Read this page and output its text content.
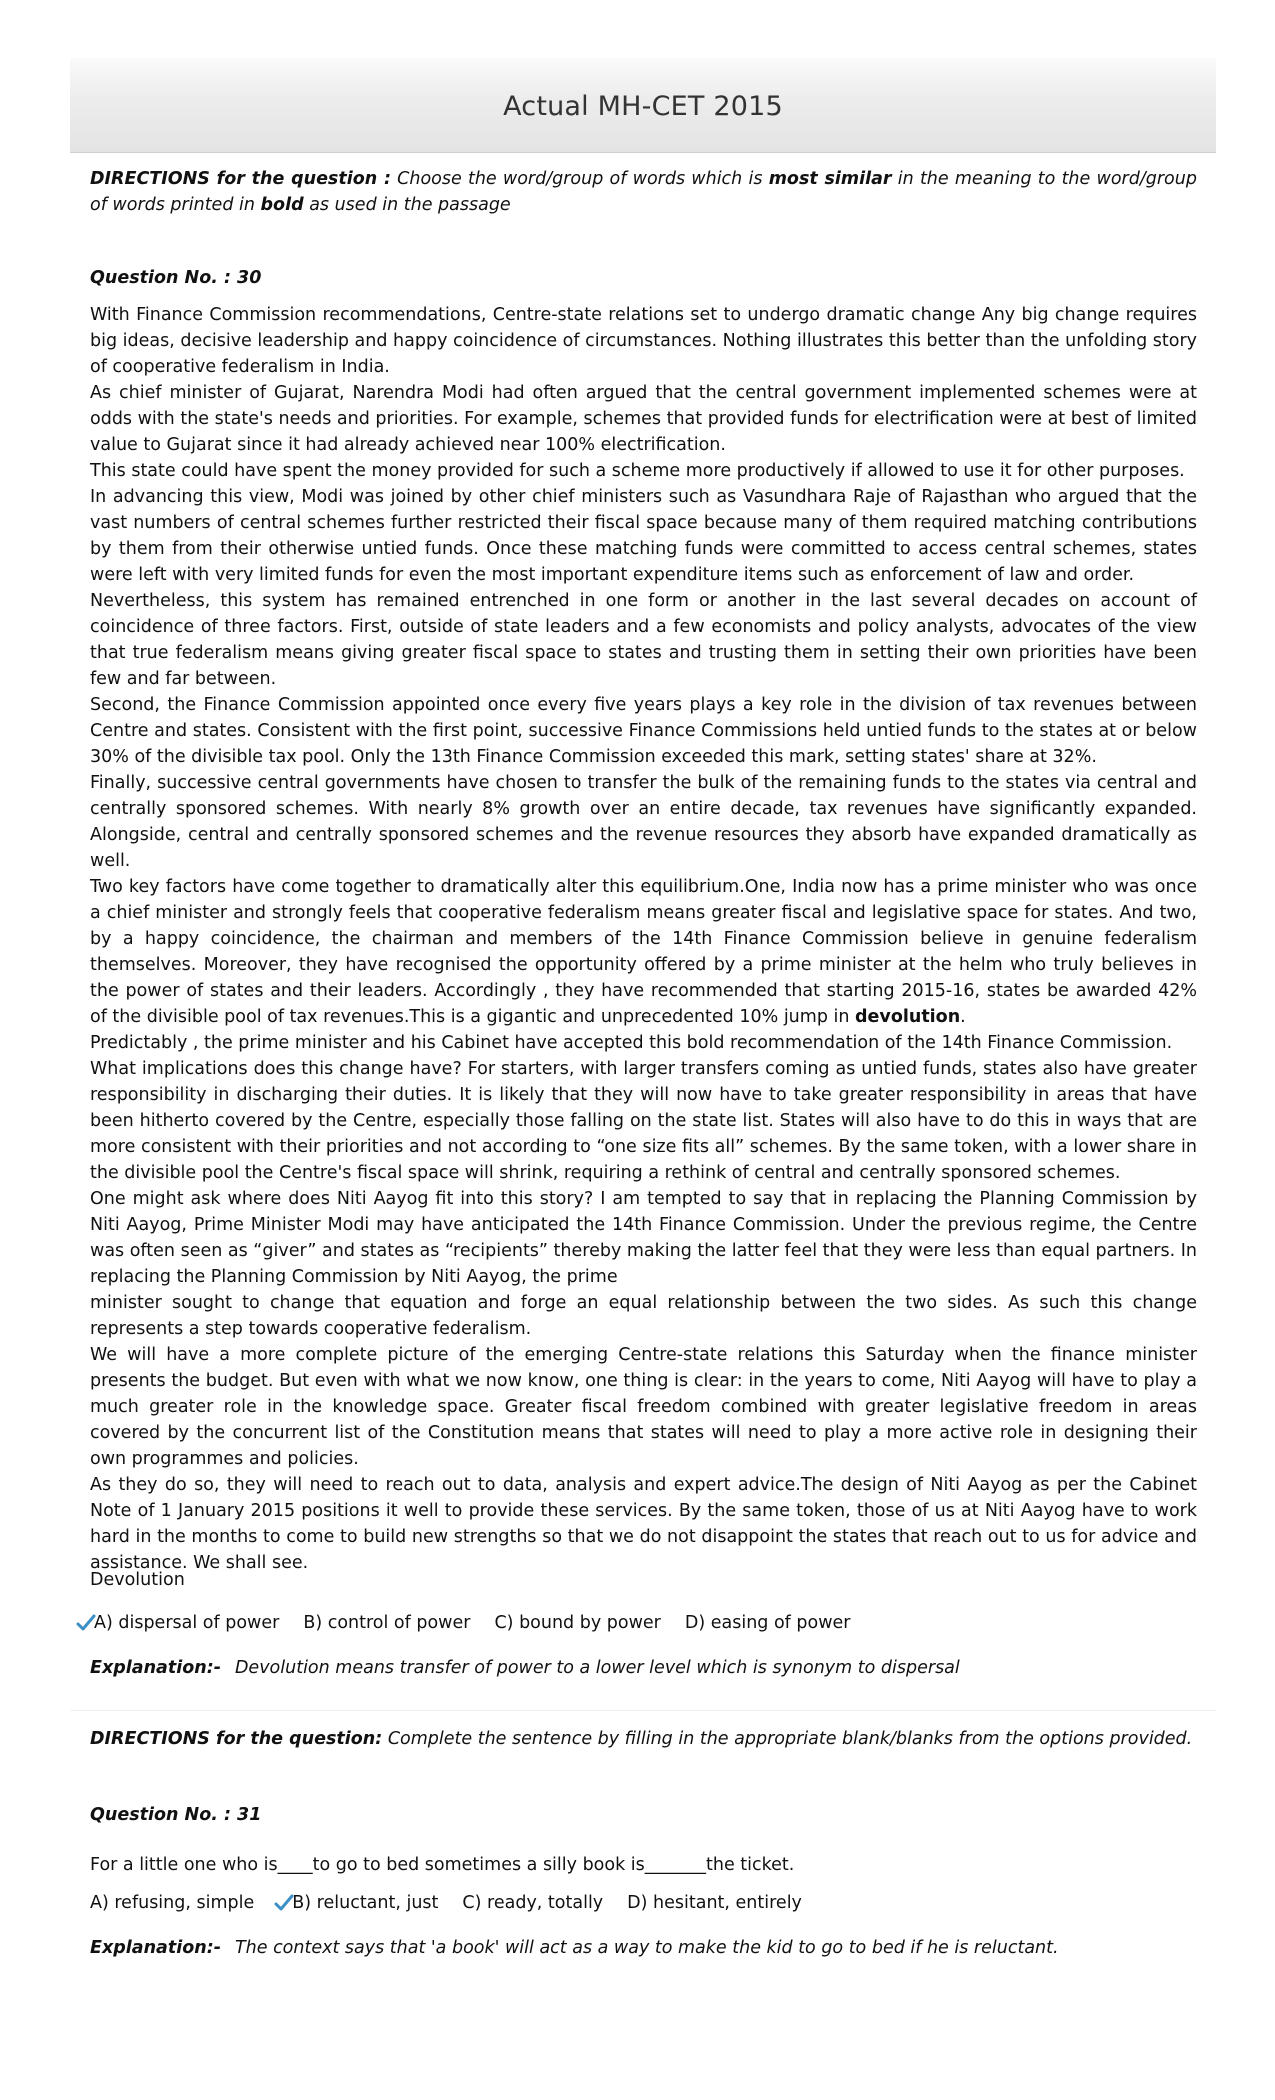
Actual MH-CET 2015
DIRECTIONS for the question : Choose the word/group of words which is most similar in the meaning to the word/group of words printed in bold as used in the passage
Question No. : 30

With Finance Commission recommendations, Centre-state relations set to undergo dramatic change Any big change requires big ideas, decisive leadership and happy coincidence of circumstances. Nothing illustrates this better than the unfolding story of cooperative federalism in India.

As chief minister of Gujarat, Narendra Modi had often argued that the central government implemented schemes were at odds with the state's needs and priorities. For example, schemes that provided funds for electrification were at best of limited value to Gujarat since it had already achieved near 100% electrification.

This state could have spent the money provided for such a scheme more productively if allowed to use it for other purposes.

In advancing this view, Modi was joined by other chief ministers such as Vasundhara Raje of Rajasthan who argued that the vast numbers of central schemes further restricted their fiscal space because many of them required matching contributions by them from their otherwise untied funds. Once these matching funds were committed to access central schemes, states were left with very limited funds for even the most important expenditure items such as enforcement of law and order.

Nevertheless, this system has remained entrenched in one form or another in the last several decades on account of coincidence of three factors. First, outside of state leaders and a few economists and policy analysts, advocates of the view that true federalism means giving greater fiscal space to states and trusting them in setting their own priorities have been few and far between.

Second, the Finance Commission appointed once every five years plays a key role in the division of tax revenues between Centre and states. Consistent with the first point, successive Finance Commissions held untied funds to the states at or below 30% of the divisible tax pool. Only the 13th Finance Commission exceeded this mark, setting states' share at 32%.

Finally, successive central governments have chosen to transfer the bulk of the remaining funds to the states via central and centrally sponsored schemes. With nearly 8% growth over an entire decade, tax revenues have significantly expanded. Alongside, central and centrally sponsored schemes and the revenue resources they absorb have expanded dramatically as well.

Two key factors have come together to dramatically alter this equilibrium.One, India now has a prime minister who was once a chief minister and strongly feels that cooperative federalism means greater fiscal and legislative space for states. And two, by a happy coincidence, the chairman and members of the 14th Finance Commission believe in genuine federalism themselves. Moreover, they have recognised the opportunity offered by a prime minister at the helm who truly believes in the power of states and their leaders. Accordingly , they have recommended that starting 2015-16, states be awarded 42% of the divisible pool of tax revenues.This is a gigantic and unprecedented 10% jump in devolution.

Predictably , the prime minister and his Cabinet have accepted this bold recommendation of the 14th Finance Commission.

What implications does this change have? For starters, with larger transfers coming as untied funds, states also have greater responsibility in discharging their duties. It is likely that they will now have to take greater responsibility in areas that have been hitherto covered by the Centre, especially those falling on the state list. States will also have to do this in ways that are more consistent with their priorities and not according to “one size fits all” schemes. By the same token, with a lower share in the divisible pool the Centre's fiscal space will shrink, requiring a rethink of central and centrally sponsored schemes.

One might ask where does Niti Aayog fit into this story? I am tempted to say that in replacing the Planning Commission by Niti Aayog, Prime Minister Modi may have anticipated the 14th Finance Commission. Under the previous regime, the Centre was often seen as “giver” and states as “recipients” thereby making the latter feel that they were less than equal partners. In replacing the Planning Commission by Niti Aayog, the prime

minister sought to change that equation and forge an equal relationship between the two sides. As such this change represents a step towards cooperative federalism.

We will have a more complete picture of the emerging Centre-state relations this Saturday when the finance minister presents the budget. But even with what we now know, one thing is clear: in the years to come, Niti Aayog will have to play a much greater role in the knowledge space. Greater fiscal freedom combined with greater legislative freedom in areas covered by the concurrent list of the Constitution means that states will need to play a more active role in designing their own programmes and policies.

As they do so, they will need to reach out to data, analysis and expert advice.The design of Niti Aayog as per the Cabinet Note of 1 January 2015 positions it well to provide these services. By the same token, those of us at Niti Aayog have to work hard in the months to come to build new strengths so that we do not disappoint the states that reach out to us for advice and assistance. We shall see.

Devolution
A) dispersal of power B) control of power C) bound by power D) easing of power
Explanation:- Devolution means transfer of power to a lower level which is synonym to dispersal
DIRECTIONS for the question: Complete the sentence by filling in the appropriate blank/blanks from the options provided.
Question No. : 31
For a little one who is____to go to bed sometimes a silly book is_______the ticket.
A) refusing, simple B) reluctant, just C) ready, totally D) hesitant, entirely
Explanation:- The context says that 'a book' will act as a way to make the kid to go to bed if he is reluctant.
